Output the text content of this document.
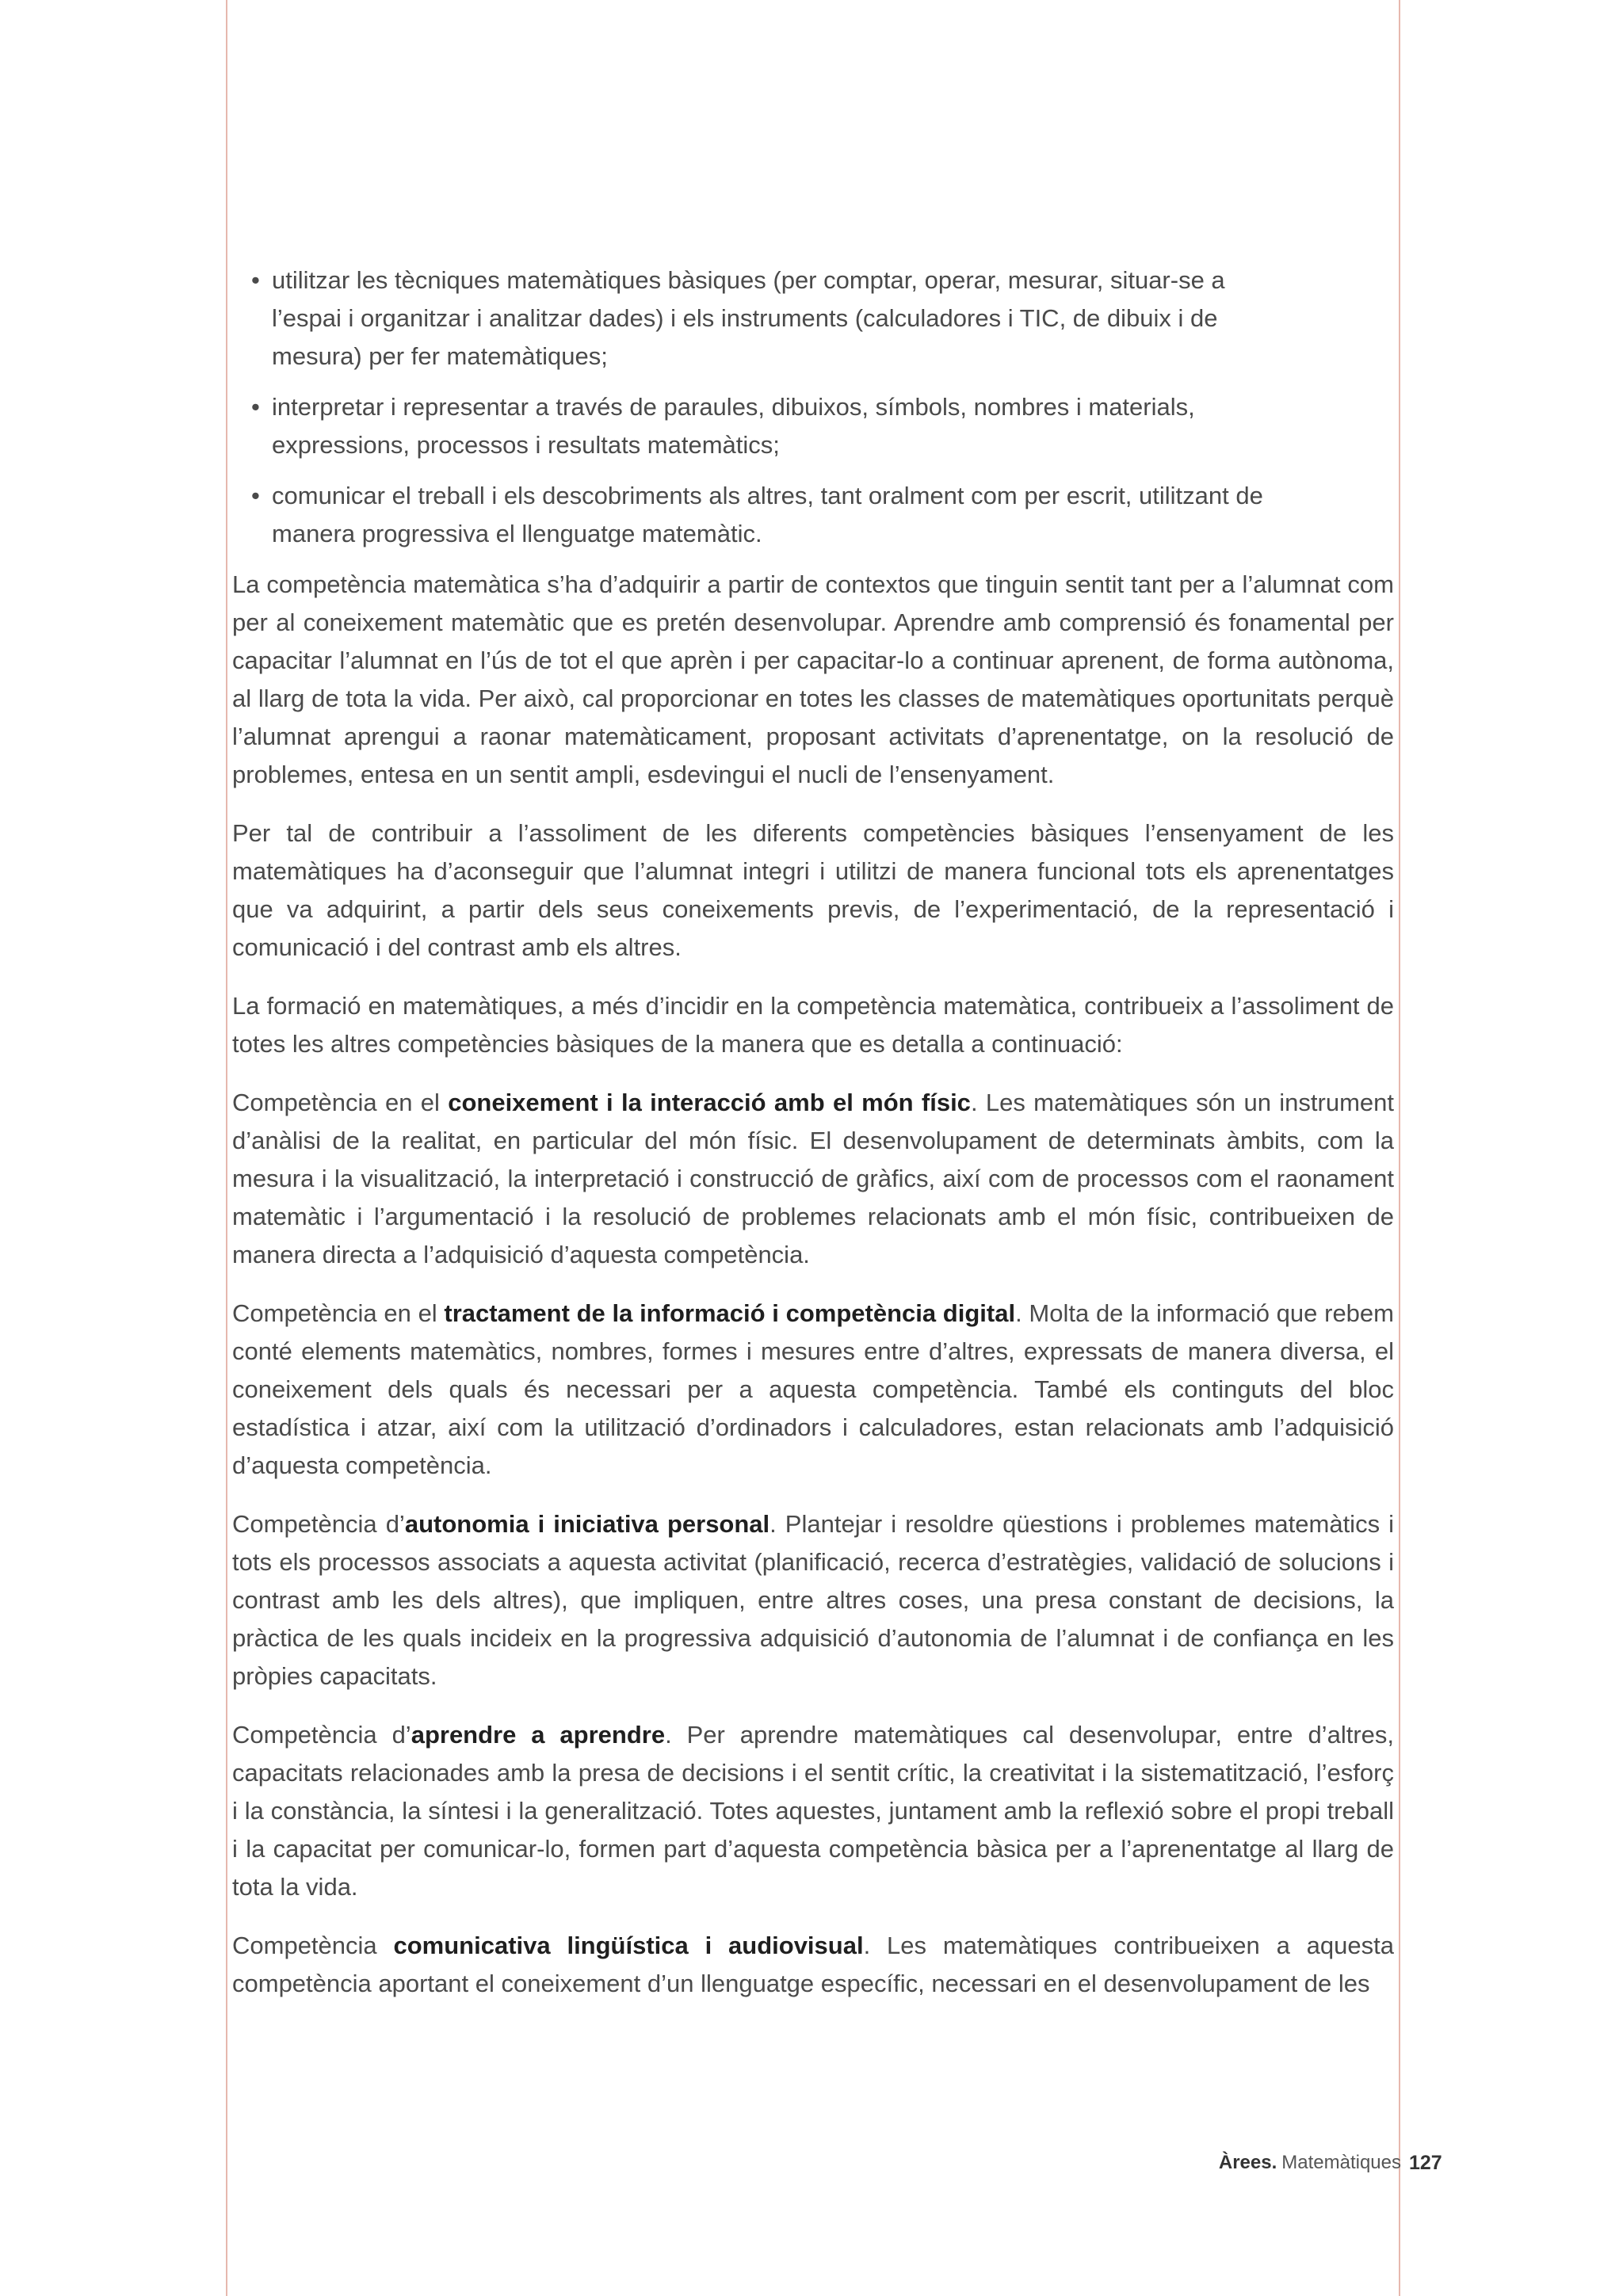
• utilitzar les tècniques matemàtiques bàsiques (per comptar, operar, mesurar, situar-se a l’espai i organitzar i analitzar dades) i els instruments (calculadores i TIC, de dibuix i de mesura) per fer matemàtiques;
• interpretar i representar a través de paraules, dibuixos, símbols, nombres i materials, expressions, processos i resultats matemàtics;
• comunicar el treball i els descobriments als altres, tant oralment com per escrit, utilitzant de manera progressiva el llenguatge matemàtic.

La competència matemàtica s’ha d’adquirir a partir de contextos que tinguin sentit tant per a l’alumnat com per al coneixement matemàtic que es pretén desenvolupar. Aprendre amb comprensió és fonamental per capacitar l’alumnat en l’ús de tot el que aprèn i per capacitar-lo a continuar aprenent, de forma autònoma, al llarg de tota la vida. Per això, cal proporcionar en totes les classes de matemàtiques oportunitats perquè l’alumnat aprengui a raonar matemàticament, proposant activitats d’aprenentatge, on la resolució de problemes, entesa en un sentit ampli, esdevingui el nucli de l’ensenyament.

Per tal de contribuir a l’assoliment de les diferents competències bàsiques l’ensenyament de les matemàtiques ha d’aconseguir que l’alumnat integri i utilitzi de manera funcional tots els aprenentatges que va adquirint, a partir dels seus coneixements previs, de l’experimentació, de la representació i comunicació i del contrast amb els altres.

La formació en matemàtiques, a més d’incidir en la competència matemàtica, contribueix a l’assoliment de totes les altres competències bàsiques de la manera que es detalla a continuació:

Competència en el coneixement i la interacció amb el món físic. Les matemàtiques són un instrument d’anàlisi de la realitat, en particular del món físic. El desenvolupament de determinats àmbits, com la mesura i la visualització, la interpretació i construcció de gràfics, així com de processos com el raonament matemàtic i l’argumentació i la resolució de problemes relacionats amb el món físic, contribueixen de manera directa a l’adquisició d’aquesta competència.

Competència en el tractament de la informació i competència digital. Molta de la informació que rebem conté elements matemàtics, nombres, formes i mesures entre d’altres, expressats de manera diversa, el coneixement dels quals és necessari per a aquesta competència. També els continguts del bloc estadística i atzar, així com la utilització d’ordinadors i calculadores, estan relacionats amb l’adquisició d’aquesta competència.

Competència d’autonomia i iniciativa personal. Plantejar i resoldre qüestions i problemes matemàtics i tots els processos associats a aquesta activitat (planificació, recerca d’estratègies, validació de solucions i contrast amb les dels altres), que impliquen, entre altres coses, una presa constant de decisions, la pràctica de les quals incideix en la progressiva adquisició d’autonomia de l’alumnat i de confiança en les pròpies capacitats.

Competència d’aprendre a aprendre. Per aprendre matemàtiques cal desenvolupar, entre d’altres, capacitats relacionades amb la presa de decisions i el sentit crític, la creativitat i la sistematització, l’esforç i la constància, la síntesi i la generalització. Totes aquestes, juntament amb la reflexió sobre el propi treball i la capacitat per comunicar-lo, formen part d’aquesta competència bàsica per a l’aprenentatge al llarg de tota la vida.

Competència comunicativa lingüística i audiovisual. Les matemàtiques contribueixen a aquesta competència aportant el coneixement d’un llenguatge específic, necessari en el desenvolupament de les

Àrees. Matemàtiques 127
